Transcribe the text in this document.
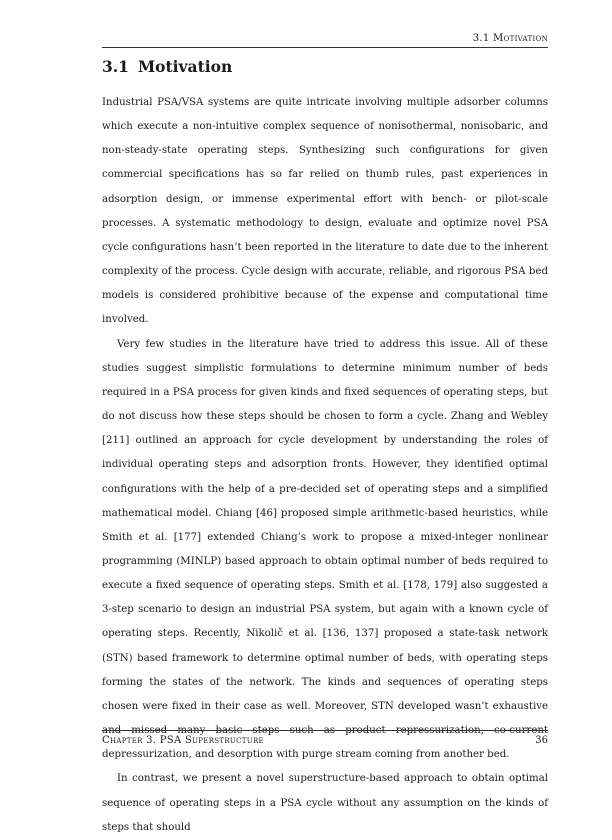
3.1 Motivation
3.1 Motivation

Industrial PSA/VSA systems are quite intricate involving multiple adsorber columns which execute a non-intuitive complex sequence of nonisothermal, nonisobaric, and non-steady-state operating steps. Synthesizing such configurations for given commercial specifications has so far relied on thumb rules, past experiences in adsorption design, or immense experimental effort with bench- or pilot-scale processes. A systematic methodology to design, evaluate and optimize novel PSA cycle configurations hasn’t been reported in the literature to date due to the inherent complexity of the process. Cycle design with accurate, reliable, and rigorous PSA bed models is considered prohibitive because of the expense and computational time involved.

Very few studies in the literature have tried to address this issue. All of these studies suggest simplistic formulations to determine minimum number of beds required in a PSA process for given kinds and fixed sequences of operating steps, but do not discuss how these steps should be chosen to form a cycle. Zhang and Webley [211] outlined an approach for cycle development by understanding the roles of individual operating steps and adsorption fronts. However, they identified optimal configurations with the help of a pre-decided set of operating steps and a simplified mathematical model. Chiang [46] proposed simple arithmetic-based heuristics, while Smith et al. [177] extended Chiang’s work to propose a mixed-integer nonlinear programming (MINLP) based approach to obtain optimal number of beds required to execute a fixed sequence of operating steps. Smith et al. [178, 179] also suggested a 3-step scenario to design an industrial PSA system, but again with a known cycle of operating steps. Recently, Nikolič et al. [136, 137] proposed a state-task network (STN) based framework to determine optimal number of beds, with operating steps forming the states of the network. The kinds and sequences of operating steps chosen were fixed in their case as well. Moreover, STN developed wasn’t exhaustive and missed many basic steps such as product repressurization, co-current depressurization, and desorption with purge stream coming from another bed.

In contrast, we present a novel superstructure-based approach to obtain optimal sequence of operating steps in a PSA cycle without any assumption on the kinds of steps that should

Chapter 3. PSA Superstructure	36
